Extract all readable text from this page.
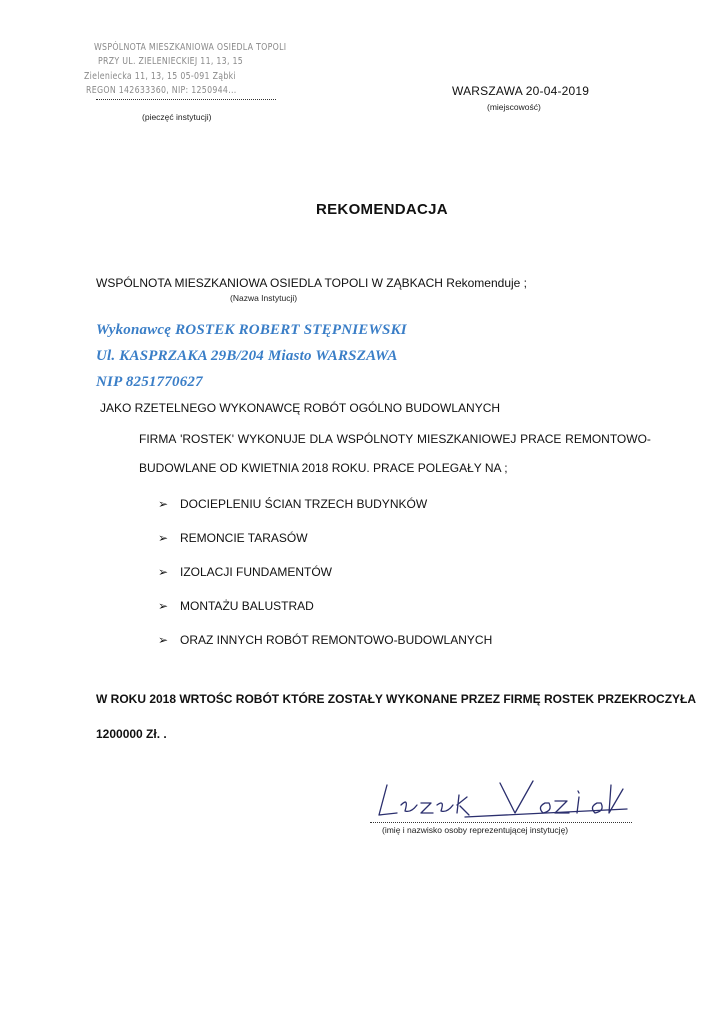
WSPÓLNOTA MIESZKANIOWA OSIEDLA TOPOLI
PRZY UL. ZIELENIECKIEJ 11, 13, 15
Zieleniecka 11, 13, 15 05-091 Ząbki
REGON 142633360, NIP: 1250944...
(pieczęć instytucji)
WARSZAWA 20-04-2019
(miejscowość)
REKOMENDACJA
WSPÓLNOTA MIESZKANIOWA OSIEDLA TOPOLI W ZĄBKACH Rekomenduje ;
(Nazwa Instytucji)
Wykonawcę ROSTEK ROBERT STĘPNIEWSKI
Ul. KASPRZAKA 29B/204 Miasto WARSZAWA
NIP 8251770627
JAKO RZETELNEGO WYKONAWCĘ ROBÓT OGÓLNO BUDOWLANYCH
FIRMA 'ROSTEK' WYKONUJE DLA WSPÓLNOTY MIESZKANIOWEJ PRACE REMONTOWO-
BUDOWLANE OD KWIETNIA 2018 ROKU. PRACE POLEGAŁY NA ;
➢ DOCIEPLENIU ŚCIAN TRZECH BUDYNKÓW
➢ REMONCIE TARASÓW
➢ IZOLACJI FUNDAMENTÓW
➢ MONTAŻU BALUSTRAD
➢ ORAZ INNYCH ROBÓT REMONTOWO-BUDOWLANYCH
W ROKU 2018 WRTOŚC ROBÓT KTÓRE ZOSTAŁY WYKONANE PRZEZ FIRMĘ ROSTEK PRZEKROCZYŁA
1200000 Zł. .
(imię i nazwisko osoby reprezentującej instytucję)
